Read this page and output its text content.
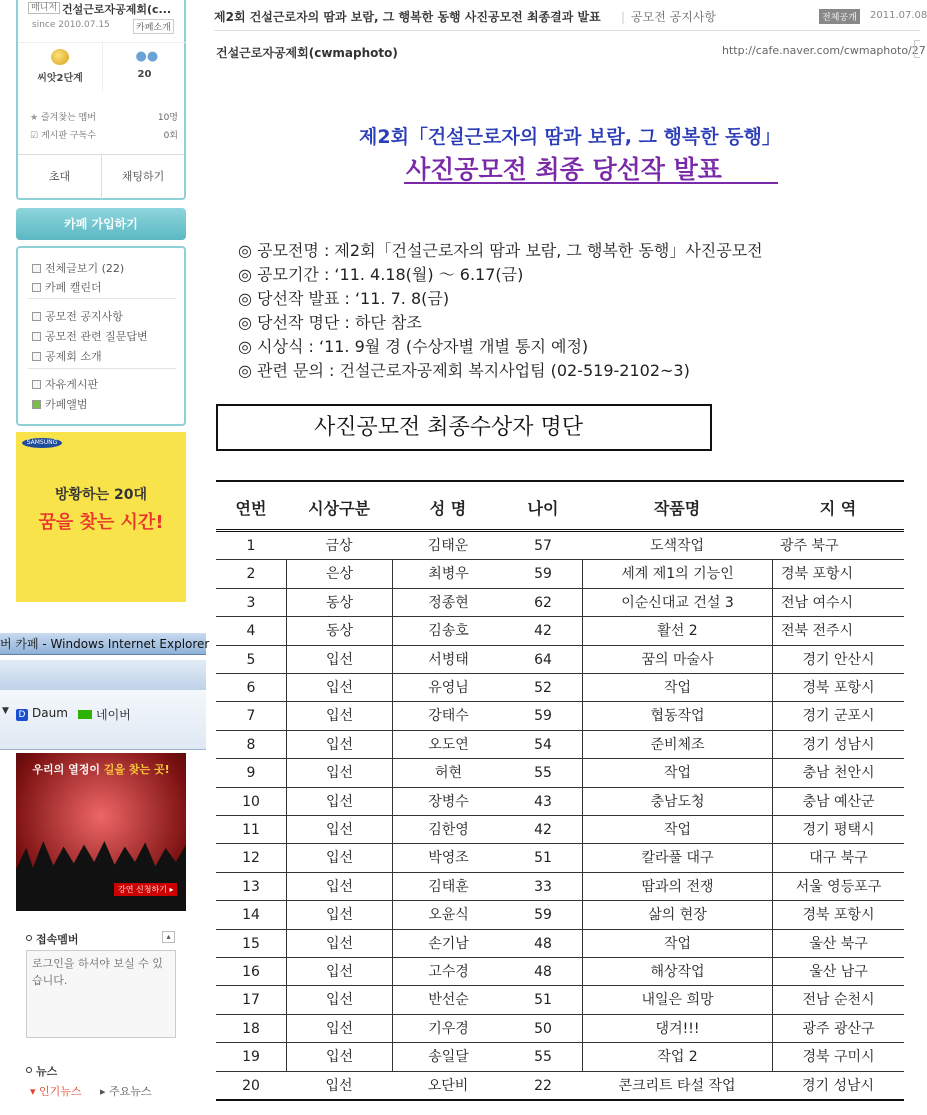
매니저 건설근로자공제회(c...
since 2010.07.15	카페소개
씨앗2단계
●●
20
★ 즐겨찾는 멤버	10명
☑ 게시판 구독수	0회
초대	채팅하기
카페 가입하기
전체글보기 (22)
카페 캘린더
공모전 공지사항
공모전 관련 질문답변
공제회 소개
자유게시판
카페앨범
SAMSUNG
방황하는 20대
꿈을 찾는 시간!
버 카페 - Windows Internet Explorer
▼ D Daum	네이버
우리의 열정이 길을 찾는 곳!
강연 신청하기 ▸
접속멤버	▴
로그인을 하셔야 보실 수 있습니다.
뉴스
▾ 인기뉴스 ▸ 주요뉴스
제2회 건설근로자의 땀과 보람, 그 행복한 동행 사진공모전 최종결과 발표 | 공모전 공지사항	전체공개	2011.07.08
건설근로자공제회(cwmaphoto)	http://cafe.naver.com/cwmaphoto/27
제2회「건설근로자의 땀과 보람, 그 행복한 동행」
사진공모전 최종 당선작 발표
◎ 공모전명 : 제2회「건설근로자의 땀과 보람, 그 행복한 동행」사진공모전
◎ 공모기간 : ‘11. 4.18(월) ～ 6.17(금)
◎ 당선작 발표 : ‘11. 7. 8(금)
◎ 당선작 명단 : 하단 참조
◎ 시상식 : ‘11. 9월 경 (수상자별 개별 통지 예정)
◎ 관련 문의 : 건설근로자공제회 복지사업팀 (02-519-2102~3)
사진공모전 최종수상자 명단
연번	시상구분	성 명	나이	작품명	지 역
1	금상	김태운	57	도색작업	광주 북구
2	은상	최병우	59	세계 제1의 기능인	경북 포항시
3	동상	정종현	62	이순신대교 건설 3	전남 여수시
4	동상	김송호	42	활선 2	전북 전주시
5	입선	서병태	64	꿈의 마술사	경기 안산시
6	입선	유영님	52	작업	경북 포항시
7	입선	강태수	59	협동작업	경기 군포시
8	입선	오도연	54	준비체조	경기 성남시
9	입선	허현	55	작업	충남 천안시
10	입선	장병수	43	충남도청	충남 예산군
11	입선	김한영	42	작업	경기 평택시
12	입선	박영조	51	칼라풀 대구	대구 북구
13	입선	김태훈	33	땀과의 전쟁	서울 영등포구
14	입선	오윤식	59	삶의 현장	경북 포항시
15	입선	손기남	48	작업	울산 북구
16	입선	고수경	48	해상작업	울산 남구
17	입선	반선순	51	내일은 희망	전남 순천시
18	입선	기우경	50	댕겨!!!	광주 광산구
19	입선	송일달	55	작업 2	경북 구미시
20	입선	오단비	22	콘크리트 타설 작업	경기 성남시
